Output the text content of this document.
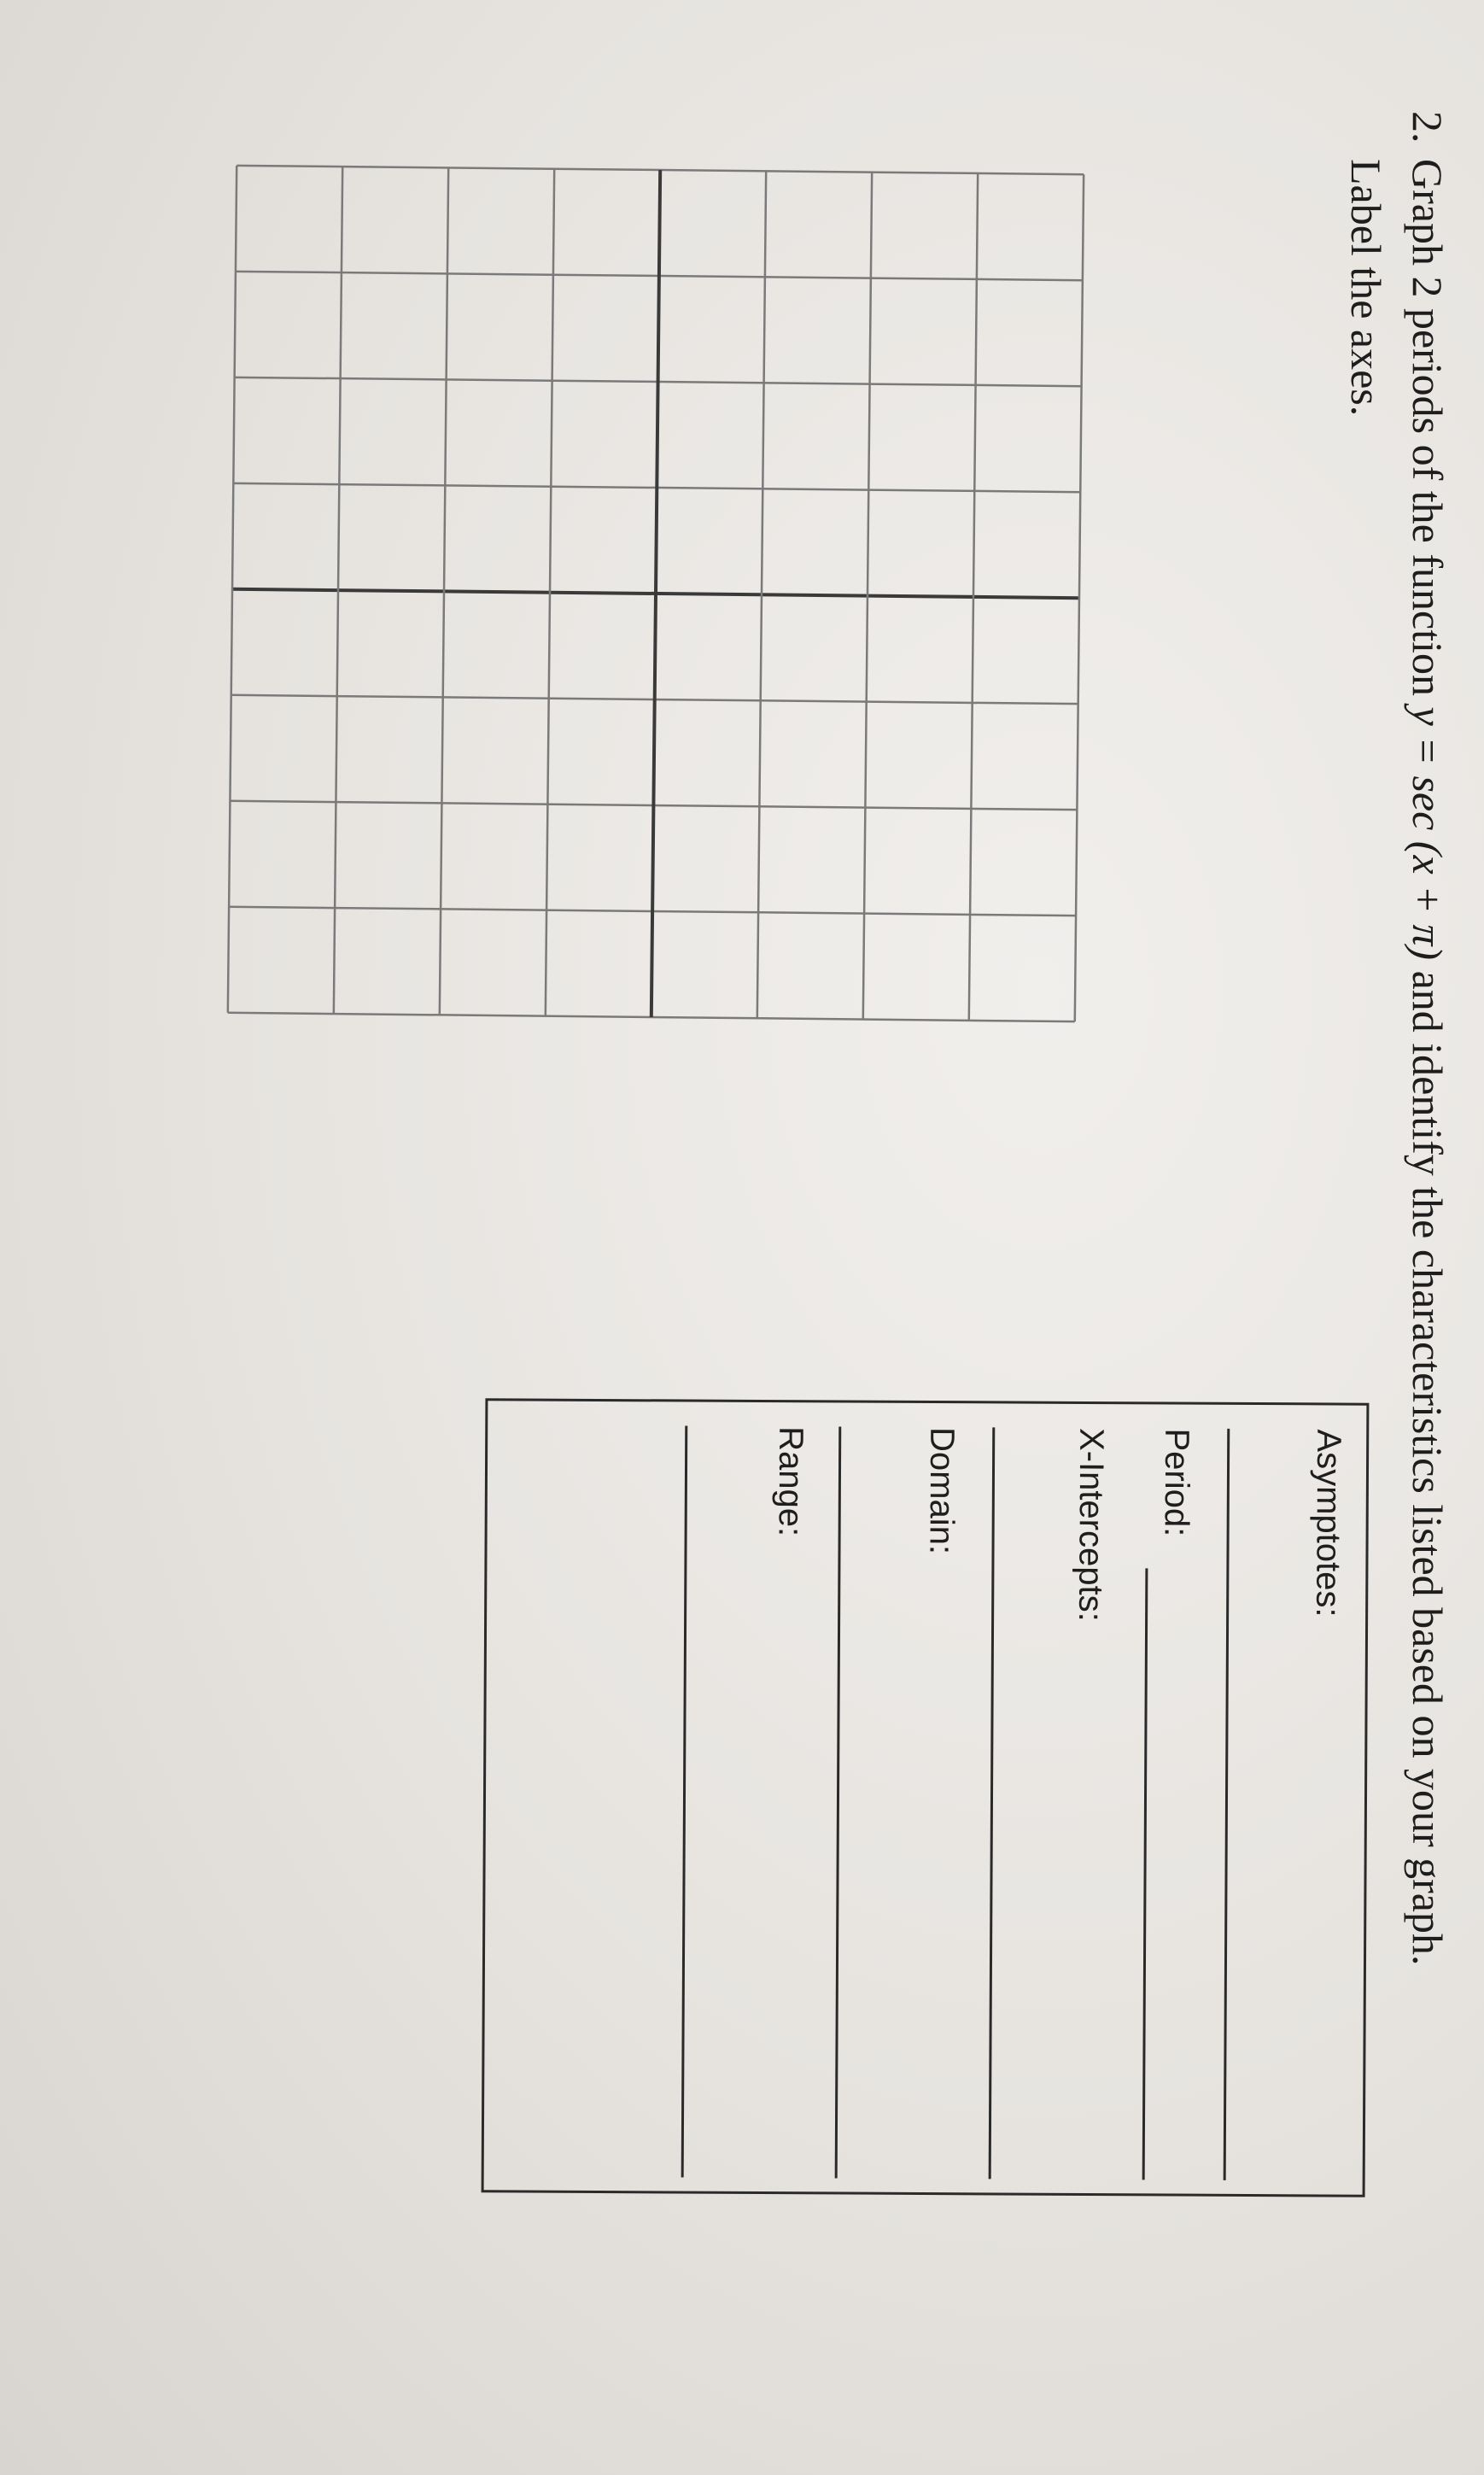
2.
Graph 2 periods of the function y = sec (x + π) and identify the characteristics listed based on your graph.
Label the axes.
Asymptotes:
Period:
X-Intercepts:
Domain:
Range:
